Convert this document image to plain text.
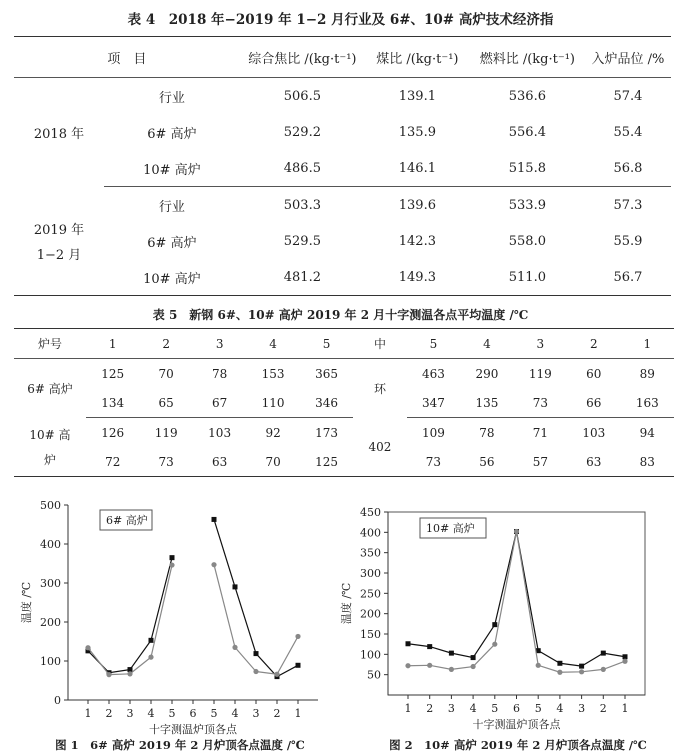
表 4　2018 年−2019 年 1−2 月行业及 6#、10# 高炉技术经济指
项　目		综合焦比 /(kg·t⁻¹)	煤比 /(kg·t⁻¹)	燃料比 /(kg·t⁻¹)	入炉品位 /%
2018 年	行业	506.5	139.1	536.6	57.4
	6# 高炉	529.2	135.9	556.4	55.4
	10# 高炉	486.5	146.1	515.8	56.8

2019 年
1−2 月	行业	503.3	139.6	533.9	57.3
	6# 高炉	529.5	142.3	558.0	55.9
	10# 高炉	481.2	149.3	511.0	56.7
表 5　新钢 6#、10# 高炉 2019 年 2 月十字测温各点平均温度 /℃
炉号	1	2	3	4	5	中	5	4	3	2	1
6# 高炉	125	70	78	153	365	环	463	290	119	60	89
	134	65	67	110	346		347	135	73	66	163

10# 高
炉	126	119	103	92	173	402	109	78	71	103	94
	72	73	63	70	125		73	56	57	63	83
0
100
200
300
400
500
1 2 3 4 5 6 5 4 3 2 1
十字测温炉顶各点
温度 /℃
6# 高炉
50
100
150
200
250
300
350
400
450
1 2 3 4 5 6 5 4 3 2 1
十字测温炉顶各点
温度 /℃
10# 高炉
图 1　6# 高炉 2019 年 2 月炉顶各点温度 /℃	图 2　10# 高炉 2019 年 2 月炉顶各点温度 /℃
